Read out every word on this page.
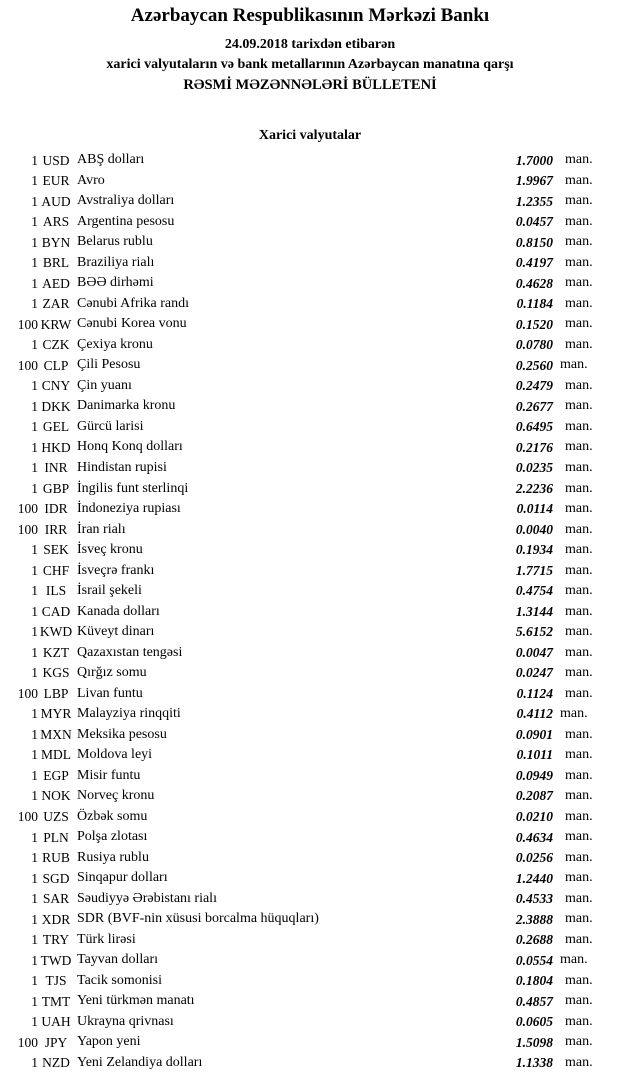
Azərbaycan Respublikasının Mərkəzi Bankı
24.09.2018 tarixdən etibarən
xarici valyutaların və bank metallarının Azərbaycan manatına qarşı
RƏSMİ MƏZƏNNƏLƏRİ BÜLLETENİ
Xarici valyutalar
1 USD ABŞ dolları	1.7000 man.
1 EUR Avro	1.9967 man.
1 AUD Avstraliya dolları	1.2355 man.
1 ARS Argentina pesosu	0.0457 man.
1 BYN Belarus rublu	0.8150 man.
1 BRL Braziliya rialı	0.4197 man.
1 AED BƏƏ dirhəmi	0.4628 man.
1 ZAR Cənubi Afrika randı	0.1184 man.
100 KRW Cənubi Korea vonu	0.1520 man.
1 CZK Çexiya kronu	0.0780 man.
100 CLP Çili Pesosu	0.2560 man.
1 CNY Çin yuanı	0.2479 man.
1 DKK Danimarka kronu	0.2677 man.
1 GEL Gürcü larisi	0.6495 man.
1 HKD Honq Konq dolları	0.2176 man.
1 INR Hindistan rupisi	0.0235 man.
1 GBP İngilis funt sterlinqi	2.2236 man.
100 IDR İndoneziya rupiası	0.0114 man.
100 IRR İran rialı	0.0040 man.
1 SEK İsveç kronu	0.1934 man.
1 CHF İsveçrə frankı	1.7715 man.
1 ILS İsrail şekeli	0.4754 man.
1 CAD Kanada dolları	1.3144 man.
1 KWD Küveyt dinarı	5.6152 man.
1 KZT Qazaxıstan tengəsi	0.0047 man.
1 KGS Qırğız somu	0.0247 man.
100 LBP Livan funtu	0.1124 man.
1 MYR Malayziya rinqqiti	0.4112 man.
1 MXN Meksika pesosu	0.0901 man.
1 MDL Moldova leyi	0.1011 man.
1 EGP Misir funtu	0.0949 man.
1 NOK Norveç kronu	0.2087 man.
100 UZS Özbək somu	0.0210 man.
1 PLN Polşa zlotası	0.4634 man.
1 RUB Rusiya rublu	0.0256 man.
1 SGD Sinqapur dolları	1.2440 man.
1 SAR Səudiyyə Ərəbistanı rialı	0.4533 man.
1 XDR SDR (BVF-nin xüsusi borcalma hüquqları)	2.3888 man.
1 TRY Türk lirəsi	0.2688 man.
1 TWD Tayvan dolları	0.0554 man.
1 TJS Tacik somonisi	0.1804 man.
1 TMT Yeni türkmən manatı	0.4857 man.
1 UAH Ukrayna qrivnası	0.0605 man.
100 JPY Yapon yeni	1.5098 man.
1 NZD Yeni Zelandiya dolları	1.1338 man.
